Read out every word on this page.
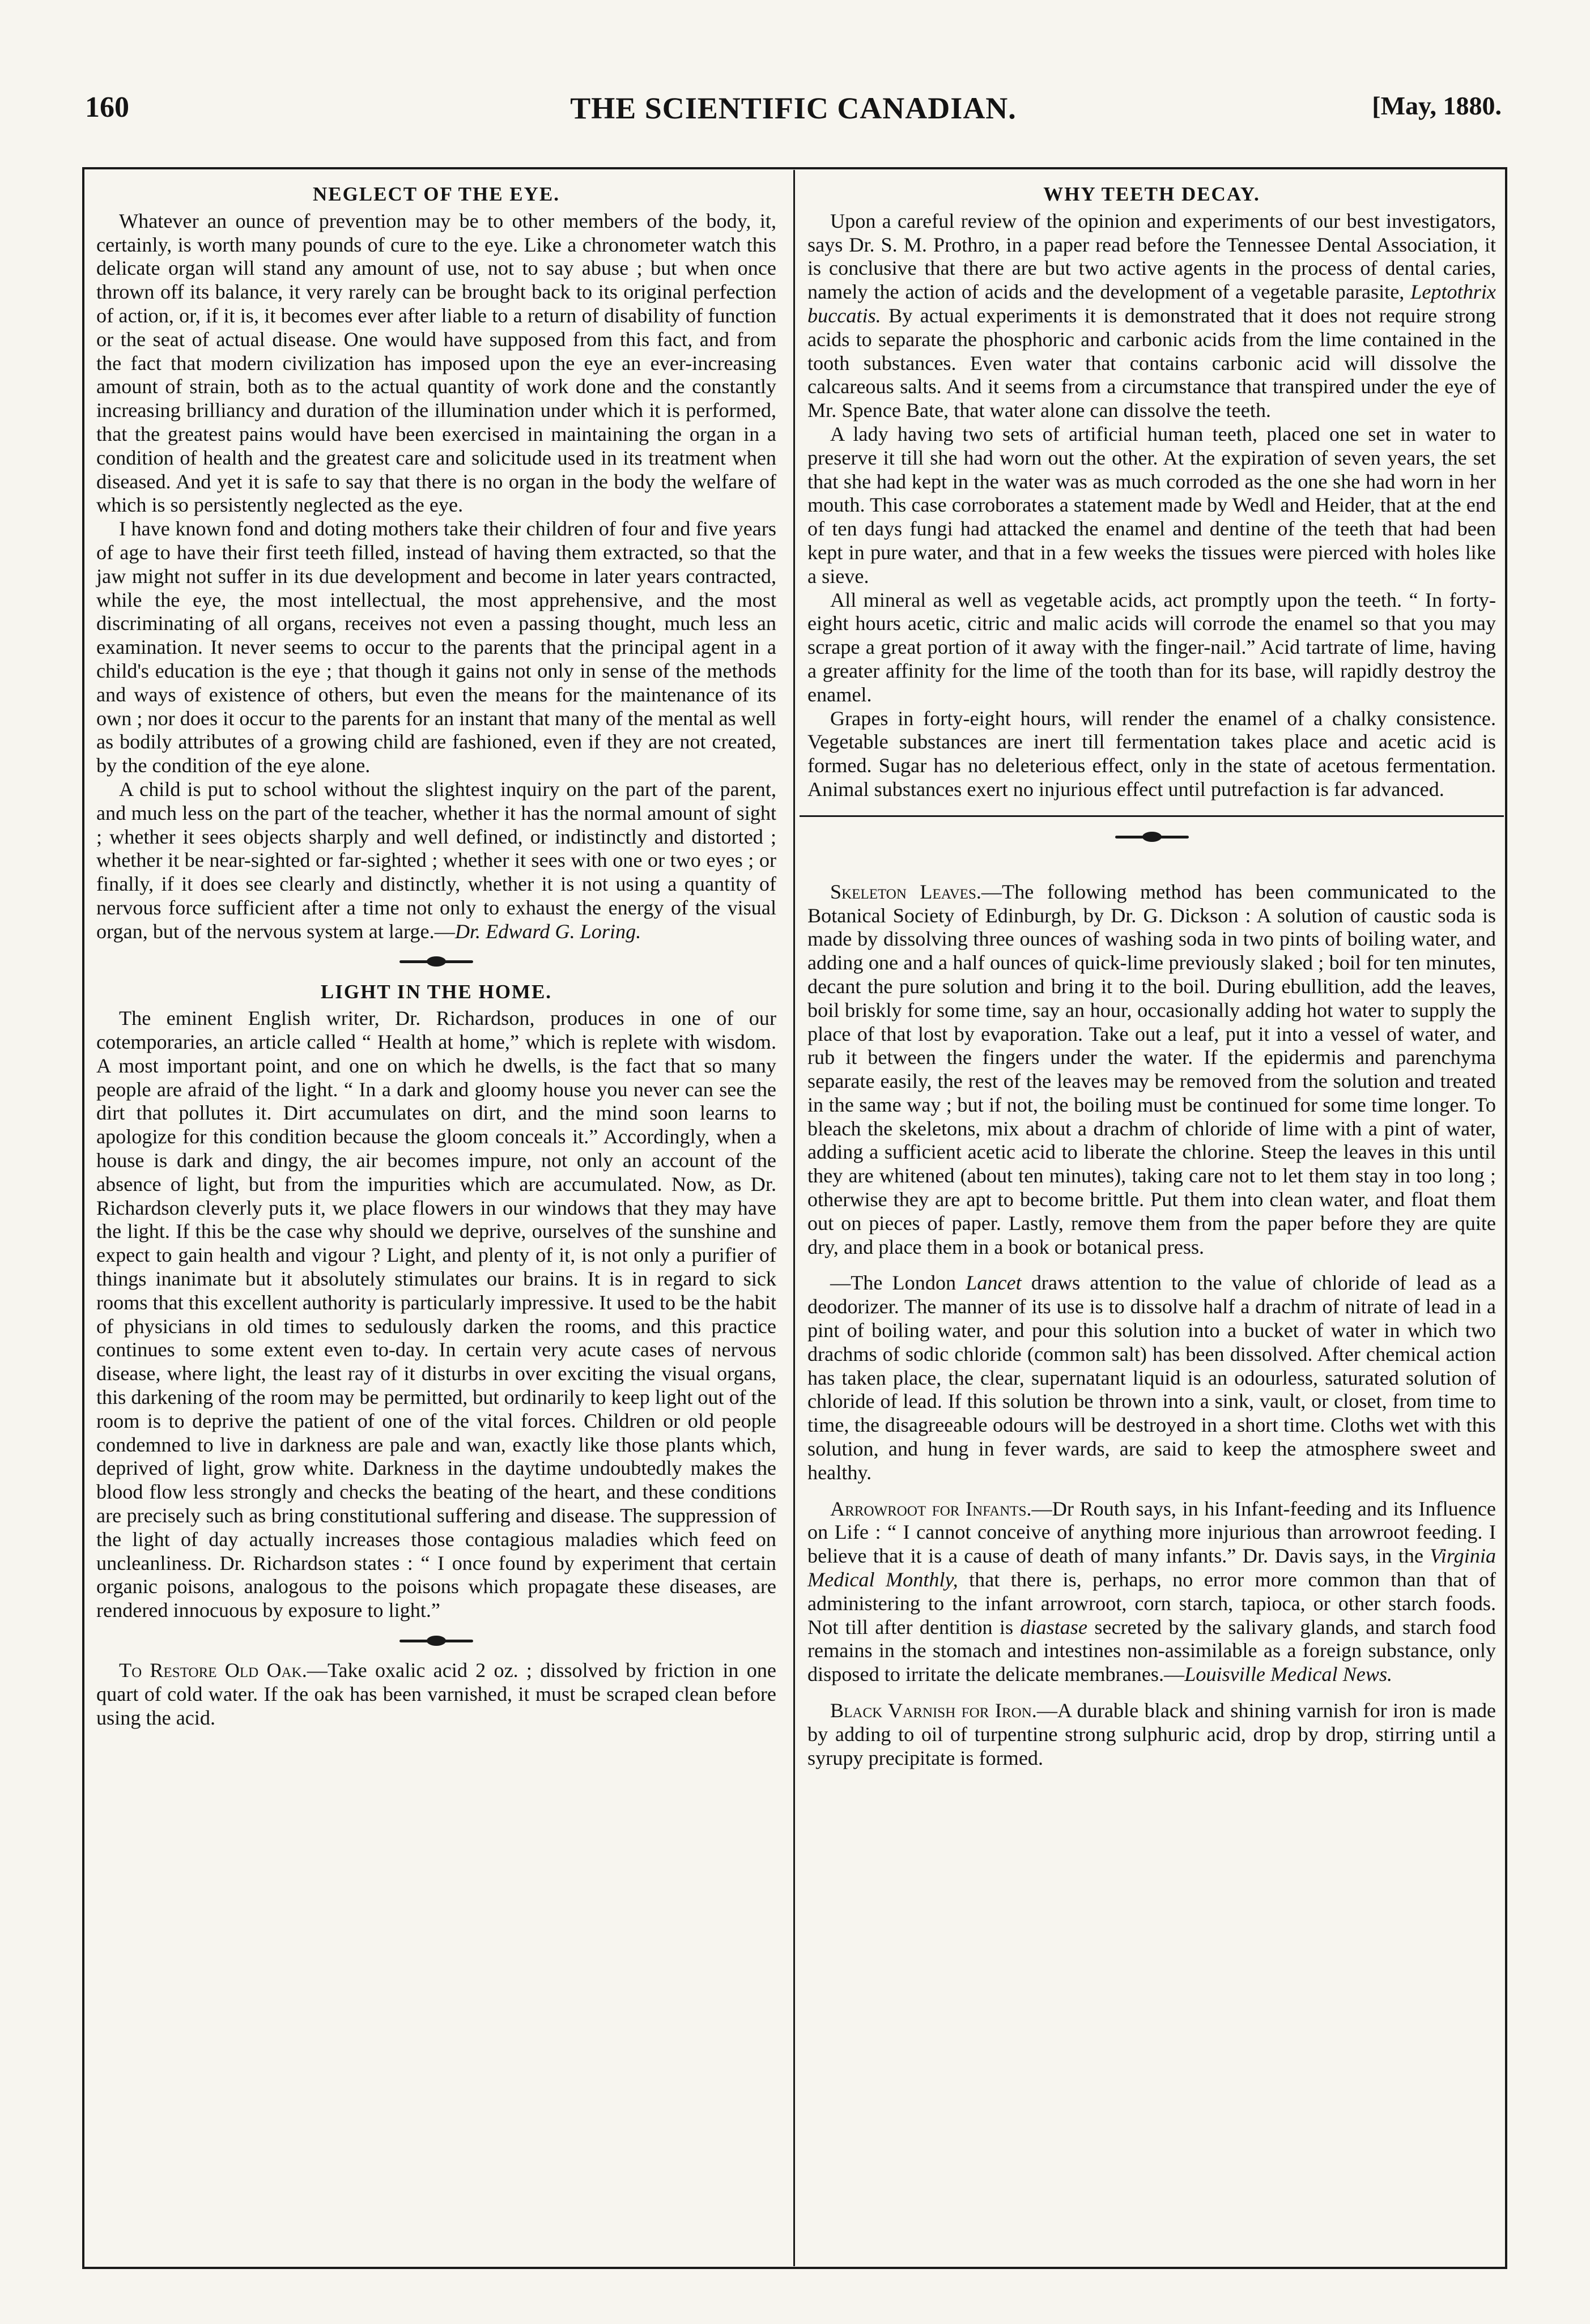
160	THE SCIENTIFIC CANADIAN.	[May, 1880.
NEGLECT OF THE EYE.

Whatever an ounce of prevention may be to other members of the body, it, certainly, is worth many pounds of cure to the eye. Like a chronometer watch this delicate organ will stand any amount of use, not to say abuse ; but when once thrown off its balance, it very rarely can be brought back to its original perfection of action, or, if it is, it becomes ever after liable to a return of disability of function or the seat of actual disease. One would have supposed from this fact, and from the fact that modern civilization has imposed upon the eye an ever-increasing amount of strain, both as to the actual quantity of work done and the constantly increasing brilliancy and duration of the illumination under which it is performed, that the greatest pains would have been exercised in maintaining the organ in a condition of health and the greatest care and solicitude used in its treatment when diseased. And yet it is safe to say that there is no organ in the body the welfare of which is so persistently neglected as the eye.

I have known fond and doting mothers take their children of four and five years of age to have their first teeth filled, instead of having them extracted, so that the jaw might not suffer in its due development and become in later years contracted, while the eye, the most intellectual, the most apprehensive, and the most discriminating of all organs, receives not even a passing thought, much less an examination. It never seems to occur to the parents that the principal agent in a child's education is the eye ; that though it gains not only in sense of the methods and ways of existence of others, but even the means for the maintenance of its own ; nor does it occur to the parents for an instant that many of the mental as well as bodily attributes of a growing child are fashioned, even if they are not created, by the condition of the eye alone.

A child is put to school without the slightest inquiry on the part of the parent, and much less on the part of the teacher, whether it has the normal amount of sight ; whether it sees objects sharply and well defined, or indistinctly and distorted ; whether it be near-sighted or far-sighted ; whether it sees with one or two eyes ; or finally, if it does see clearly and distinctly, whether it is not using a quantity of nervous force sufficient after a time not only to exhaust the energy of the visual organ, but of the nervous system at large.—Dr. Edward G. Loring.

LIGHT IN THE HOME.

The eminent English writer, Dr. Richardson, produces in one of our cotemporaries, an article called “ Health at home,” which is replete with wisdom. A most important point, and one on which he dwells, is the fact that so many people are afraid of the light. “ In a dark and gloomy house you never can see the dirt that pollutes it. Dirt accumulates on dirt, and the mind soon learns to apologize for this condition because the gloom conceals it.” Accordingly, when a house is dark and dingy, the air becomes impure, not only an account of the absence of light, but from the impurities which are accumulated. Now, as Dr. Richardson cleverly puts it, we place flowers in our windows that they may have the light. If this be the case why should we deprive, ourselves of the sunshine and expect to gain health and vigour ? Light, and plenty of it, is not only a purifier of things inanimate but it absolutely stimulates our brains. It is in regard to sick rooms that this excellent authority is particularly impressive. It used to be the habit of physicians in old times to sedulously darken the rooms, and this practice continues to some extent even to-day. In certain very acute cases of nervous disease, where light, the least ray of it disturbs in over exciting the visual organs, this darkening of the room may be permitted, but ordinarily to keep light out of the room is to deprive the patient of one of the vital forces. Children or old people condemned to live in darkness are pale and wan, exactly like those plants which, deprived of light, grow white. Darkness in the daytime undoubtedly makes the blood flow less strongly and checks the beating of the heart, and these conditions are precisely such as bring constitutional suffering and disease. The suppression of the light of day actually increases those contagious maladies which feed on uncleanliness. Dr. Richardson states : “ I once found by experiment that certain organic poisons, analogous to the poisons which propagate these diseases, are rendered innocuous by exposure to light.”

To Restore Old Oak.—Take oxalic acid 2 oz. ; dissolved by friction in one quart of cold water. If the oak has been varnished, it must be scraped clean before using the acid.

WHY TEETH DECAY.

Upon a careful review of the opinion and experiments of our best investigators, says Dr. S. M. Prothro, in a paper read before the Tennessee Dental Association, it is conclusive that there are but two active agents in the process of dental caries, namely the action of acids and the development of a vegetable parasite, Leptothrix buccatis. By actual experiments it is demonstrated that it does not require strong acids to separate the phosphoric and carbonic acids from the lime contained in the tooth substances. Even water that contains carbonic acid will dissolve the calcareous salts. And it seems from a circumstance that transpired under the eye of Mr. Spence Bate, that water alone can dissolve the teeth.

A lady having two sets of artificial human teeth, placed one set in water to preserve it till she had worn out the other. At the expiration of seven years, the set that she had kept in the water was as much corroded as the one she had worn in her mouth. This case corroborates a statement made by Wedl and Heider, that at the end of ten days fungi had attacked the enamel and dentine of the teeth that had been kept in pure water, and that in a few weeks the tissues were pierced with holes like a sieve.

All mineral as well as vegetable acids, act promptly upon the teeth. “ In forty-eight hours acetic, citric and malic acids will corrode the enamel so that you may scrape a great portion of it away with the finger-nail.” Acid tartrate of lime, having a greater affinity for the lime of the tooth than for its base, will rapidly destroy the enamel.

Grapes in forty-eight hours, will render the enamel of a chalky consistence. Vegetable substances are inert till fermentation takes place and acetic acid is formed. Sugar has no deleterious effect, only in the state of acetous fermentation. Animal substances exert no injurious effect until putrefaction is far advanced.

Skeleton Leaves.—The following method has been communicated to the Botanical Society of Edinburgh, by Dr. G. Dickson : A solution of caustic soda is made by dissolving three ounces of washing soda in two pints of boiling water, and adding one and a half ounces of quick-lime previously slaked ; boil for ten minutes, decant the pure solution and bring it to the boil. During ebullition, add the leaves, boil briskly for some time, say an hour, occasionally adding hot water to supply the place of that lost by evaporation. Take out a leaf, put it into a vessel of water, and rub it between the fingers under the water. If the epidermis and parenchyma separate easily, the rest of the leaves may be removed from the solution and treated in the same way ; but if not, the boiling must be continued for some time longer. To bleach the skeletons, mix about a drachm of chloride of lime with a pint of water, adding a sufficient acetic acid to liberate the chlorine. Steep the leaves in this until they are whitened (about ten minutes), taking care not to let them stay in too long ; otherwise they are apt to become brittle. Put them into clean water, and float them out on pieces of paper. Lastly, remove them from the paper before they are quite dry, and place them in a book or botanical press.

—The London Lancet draws attention to the value of chloride of lead as a deodorizer. The manner of its use is to dissolve half a drachm of nitrate of lead in a pint of boiling water, and pour this solution into a bucket of water in which two drachms of sodic chloride (common salt) has been dissolved. After chemical action has taken place, the clear, supernatant liquid is an odourless, saturated solution of chloride of lead. If this solution be thrown into a sink, vault, or closet, from time to time, the disagreeable odours will be destroyed in a short time. Cloths wet with this solution, and hung in fever wards, are said to keep the atmosphere sweet and healthy.

Arrowroot for Infants.—Dr Routh says, in his Infant-feeding and its Influence on Life : “ I cannot conceive of anything more injurious than arrowroot feeding. I believe that it is a cause of death of many infants.” Dr. Davis says, in the Virginia Medical Monthly, that there is, perhaps, no error more common than that of administering to the infant arrowroot, corn starch, tapioca, or other starch foods. Not till after dentition is diastase secreted by the salivary glands, and starch food remains in the stomach and intestines non-assimilable as a foreign substance, only disposed to irritate the delicate membranes.—Louisville Medical News.

Black Varnish for Iron.—A durable black and shining varnish for iron is made by adding to oil of turpentine strong sulphuric acid, drop by drop, stirring until a syrupy precipitate is formed.
